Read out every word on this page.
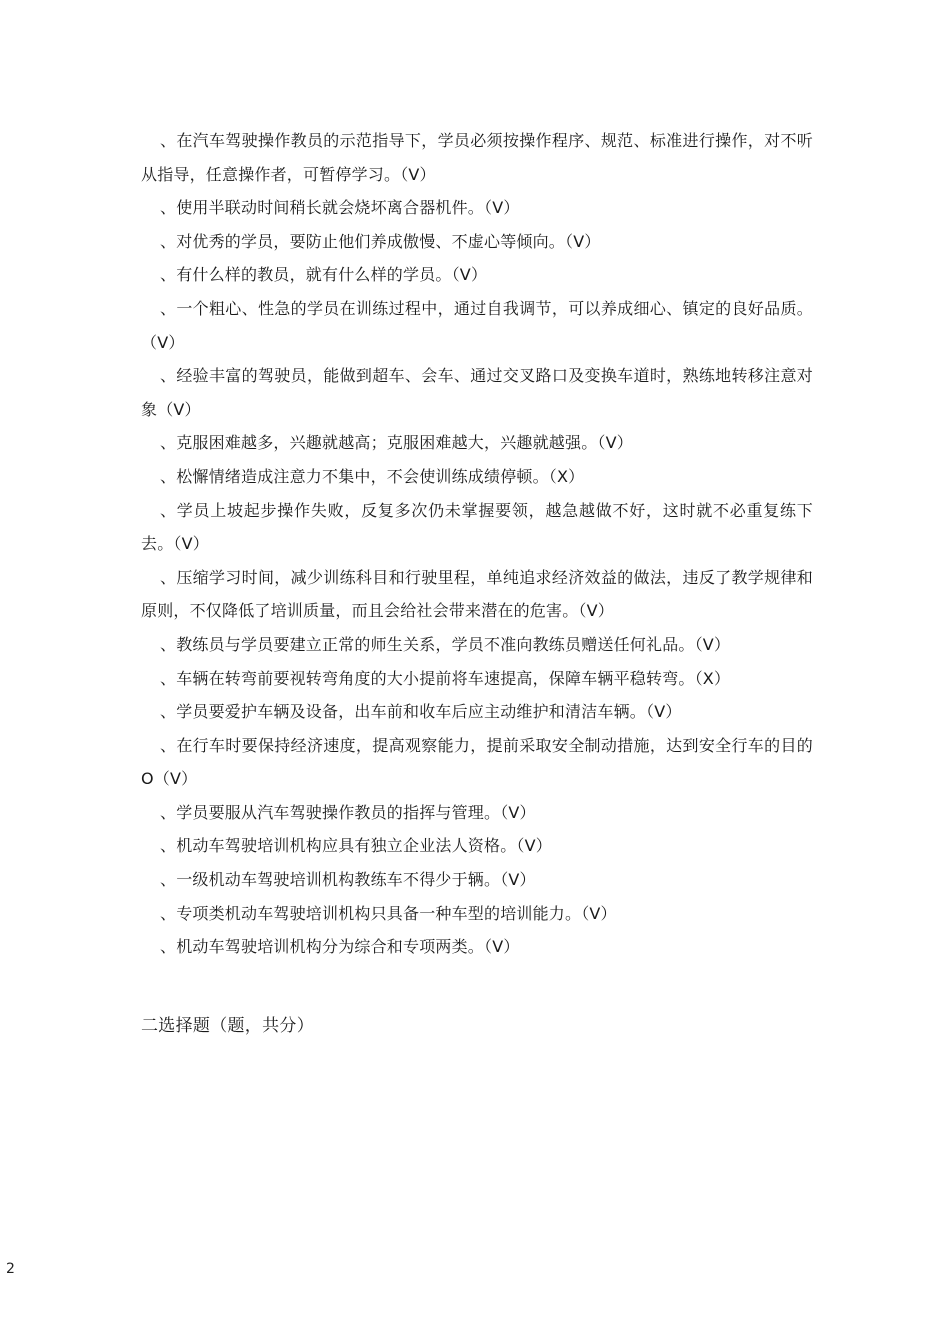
、在汽车驾驶操作教员的示范指导下，学员必须按操作程序、规范、标准进行操作，对不听从指导，任意操作者，可暂停学习。（V）

、使用半联动时间稍长就会烧坏离合器机件。（V）

、对优秀的学员，要防止他们养成傲慢、不虚心等倾向。（V）

、有什么样的教员，就有什么样的学员。（V）

、一个粗心、性急的学员在训练过程中，通过自我调节，可以养成细心、镇定的良好品质。（V）

、经验丰富的驾驶员，能做到超车、会车、通过交叉路口及变换车道时，熟练地转移注意对象（V）

、克服困难越多，兴趣就越高；克服困难越大，兴趣就越强。（V）

、松懈情绪造成注意力不集中，不会使训练成绩停顿。（X）

、学员上坡起步操作失败，反复多次仍未掌握要领，越急越做不好，这时就不必重复练下去。（V）

、压缩学习时间，减少训练科目和行驶里程，单纯追求经济效益的做法，违反了教学规律和原则，不仅降低了培训质量，而且会给社会带来潜在的危害。（V）

、教练员与学员要建立正常的师生关系，学员不准向教练员赠送任何礼品。（V）

、车辆在转弯前要视转弯角度的大小提前将车速提高，保障车辆平稳转弯。（X）

、学员要爱护车辆及设备，出车前和收车后应主动维护和清洁车辆。（V）

、在行车时要保持经济速度，提高观察能力，提前采取安全制动措施，达到安全行车的目的O（V）

、学员要服从汽车驾驶操作教员的指挥与管理。（V）

、机动车驾驶培训机构应具有独立企业法人资格。（V）

、一级机动车驾驶培训机构教练车不得少于辆。（V）

、专项类机动车驾驶培训机构只具备一种车型的培训能力。（V）

、机动车驾驶培训机构分为综合和专项两类。（V）

二选择题（题，共分）
2
